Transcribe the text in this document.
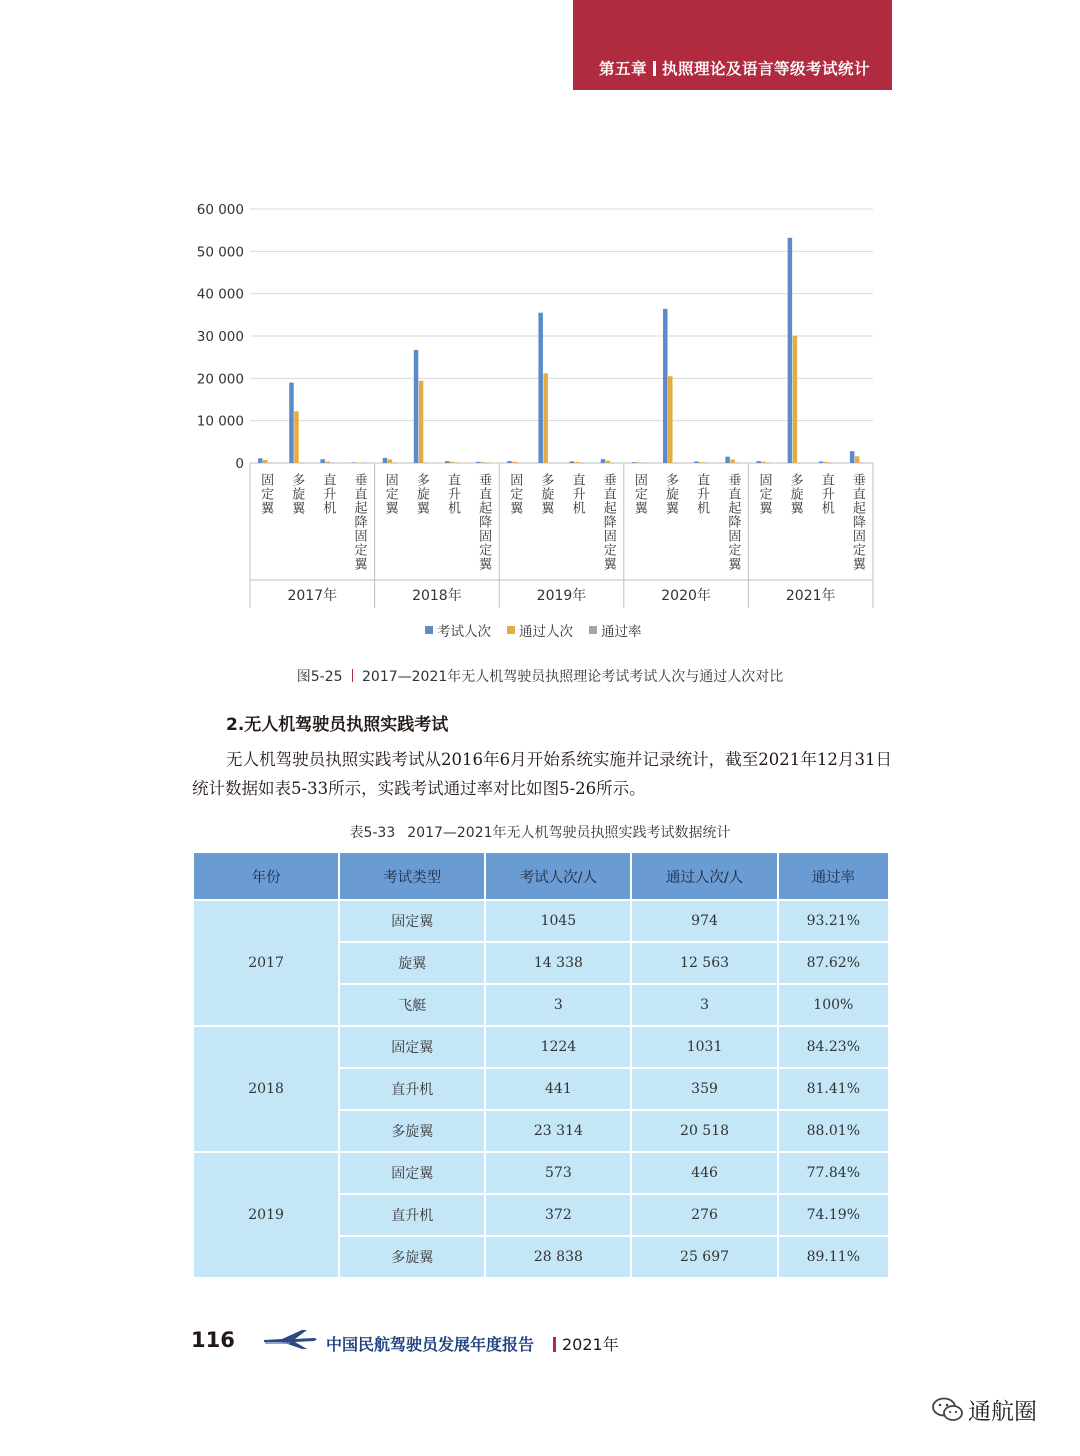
第五章 执照理论及语言等级考试统计
0
10 000
20 000
30 000
40 000
50 000
60 000
固定翼 多旋翼 直升机 垂直起降固定翼
2017年
固定翼 多旋翼 直升机 垂直起降固定翼
2018年
固定翼 多旋翼 直升机 垂直起降固定翼
2019年
固定翼 多旋翼 直升机 垂直起降固定翼
2020年
固定翼 多旋翼 直升机 垂直起降固定翼
2021年
考试人次 通过人次 通过率
图5-25 2017—2021年无人机驾驶员执照理论考试考试人次与通过人次对比
2.无人机驾驶员执照实践考试
无人机驾驶员执照实践考试从2016年6月开始系统实施并记录统计，截至2021年12月31日统计数据如表5-33所示，实践考试通过率对比如图5-26所示。
表5-33 2017—2021年无人机驾驶员执照实践考试数据统计
年份	考试类型	考试人次/人	通过人次/人	通过率
2017	固定翼	1045	974	93.21%
	旋翼	14 338	12 563	87.62%
	飞艇	3	3	100%
2018	固定翼	1224	1031	84.23%
	直升机	441	359	81.41%
	多旋翼	23 314	20 518	88.01%
2019	固定翼	573	446	77.84%
	直升机	372	276	74.19%
	多旋翼	28 838	25 697	89.11%
116	中国民航驾驶员发展年度报告	2021年
通航圈
